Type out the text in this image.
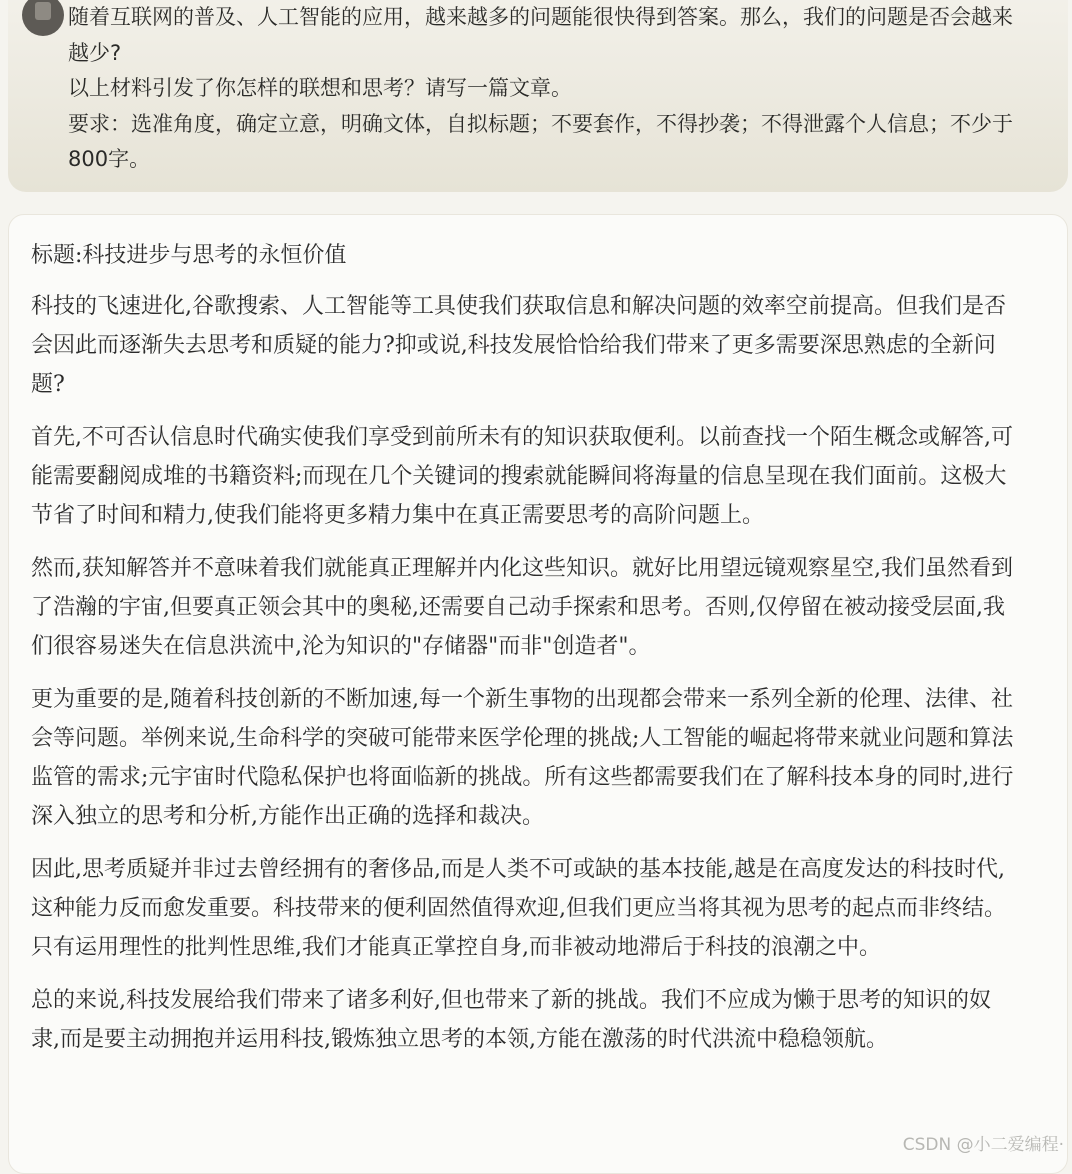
随着互联网的普及、人工智能的应用，越来越多的问题能很快得到答案。那么，我们的问题是否会越来越少?
以上材料引发了你怎样的联想和思考？请写一篇文章。
要求：选准角度，确定立意，明确文体，自拟标题；不要套作，不得抄袭；不得泄露个人信息；不少于800字。

标题:科技进步与思考的永恒价值

科技的飞速进化,谷歌搜索、人工智能等工具使我们获取信息和解决问题的效率空前提高。但我们是否会因此而逐渐失去思考和质疑的能力?抑或说,科技发展恰恰给我们带来了更多需要深思熟虑的全新问题?

首先,不可否认信息时代确实使我们享受到前所未有的知识获取便利。以前查找一个陌生概念或解答,可能需要翻阅成堆的书籍资料;而现在几个关键词的搜索就能瞬间将海量的信息呈现在我们面前。这极大节省了时间和精力,使我们能将更多精力集中在真正需要思考的高阶问题上。

然而,获知解答并不意味着我们就能真正理解并内化这些知识。就好比用望远镜观察星空,我们虽然看到了浩瀚的宇宙,但要真正领会其中的奥秘,还需要自己动手探索和思考。否则,仅停留在被动接受层面,我们很容易迷失在信息洪流中,沦为知识的"存储器"而非"创造者"。

更为重要的是,随着科技创新的不断加速,每一个新生事物的出现都会带来一系列全新的伦理、法律、社会等问题。举例来说,生命科学的突破可能带来医学伦理的挑战;人工智能的崛起将带来就业问题和算法监管的需求;元宇宙时代隐私保护也将面临新的挑战。所有这些都需要我们在了解科技本身的同时,进行深入独立的思考和分析,方能作出正确的选择和裁决。

因此,思考质疑并非过去曾经拥有的奢侈品,而是人类不可或缺的基本技能,越是在高度发达的科技时代,这种能力反而愈发重要。科技带来的便利固然值得欢迎,但我们更应当将其视为思考的起点而非终结。只有运用理性的批判性思维,我们才能真正掌控自身,而非被动地滞后于科技的浪潮之中。

总的来说,科技发展给我们带来了诸多利好,但也带来了新的挑战。我们不应成为懒于思考的知识的奴隶,而是要主动拥抱并运用科技,锻炼独立思考的本领,方能在激荡的时代洪流中稳稳领航。

CSDN @小二爱编程·
